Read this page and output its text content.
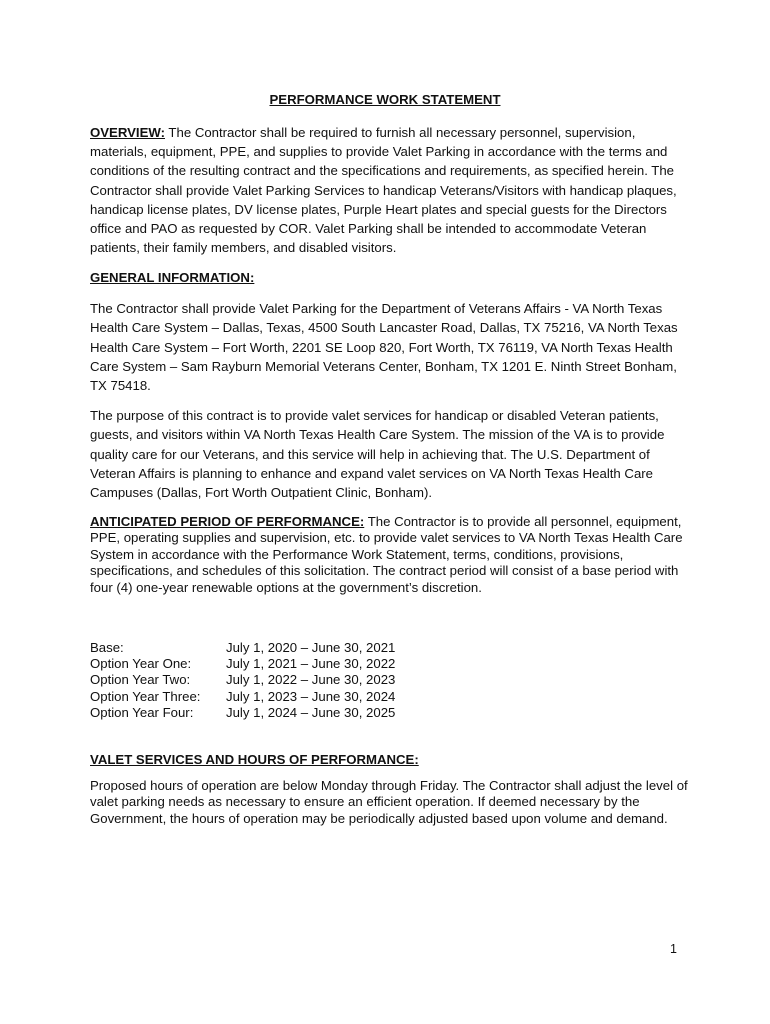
PERFORMANCE WORK STATEMENT

OVERVIEW: The Contractor shall be required to furnish all necessary personnel, supervision, materials, equipment, PPE, and supplies to provide Valet Parking in accordance with the terms and conditions of the resulting contract and the specifications and requirements, as specified herein. The Contractor shall provide Valet Parking Services to handicap Veterans/Visitors with handicap plaques, handicap license plates, DV license plates, Purple Heart plates and special guests for the Directors office and PAO as requested by COR. Valet Parking shall be intended to accommodate Veteran patients, their family members, and disabled visitors.

GENERAL INFORMATION:

The Contractor shall provide Valet Parking for the Department of Veterans Affairs - VA North Texas Health Care System – Dallas, Texas, 4500 South Lancaster Road, Dallas, TX 75216, VA North Texas Health Care System – Fort Worth, 2201 SE Loop 820, Fort Worth, TX 76119, VA North Texas Health Care System – Sam Rayburn Memorial Veterans Center, Bonham, TX 1201 E. Ninth Street Bonham, TX 75418.

The purpose of this contract is to provide valet services for handicap or disabled Veteran patients, guests, and visitors within VA North Texas Health Care System. The mission of the VA is to provide quality care for our Veterans, and this service will help in achieving that. The U.S. Department of Veteran Affairs is planning to enhance and expand valet services on VA North Texas Health Care Campuses (Dallas, Fort Worth Outpatient Clinic, Bonham).

ANTICIPATED PERIOD OF PERFORMANCE: The Contractor is to provide all personnel, equipment, PPE, operating supplies and supervision, etc. to provide valet services to VA North Texas Health Care System in accordance with the Performance Work Statement, terms, conditions, provisions, specifications, and schedules of this solicitation. The contract period will consist of a base period with four (4) one-year renewable options at the government’s discretion.

Base:	July 1, 2020 – June 30, 2021
Option Year One:	July 1, 2021 – June 30, 2022
Option Year Two:	July 1, 2022 – June 30, 2023
Option Year Three:	July 1, 2023 – June 30, 2024
Option Year Four:	July 1, 2024 – June 30, 2025

VALET SERVICES AND HOURS OF PERFORMANCE:

Proposed hours of operation are below Monday through Friday. The Contractor shall adjust the level of valet parking needs as necessary to ensure an efficient operation. If deemed necessary by the Government, the hours of operation may be periodically adjusted based upon volume and demand.

1
